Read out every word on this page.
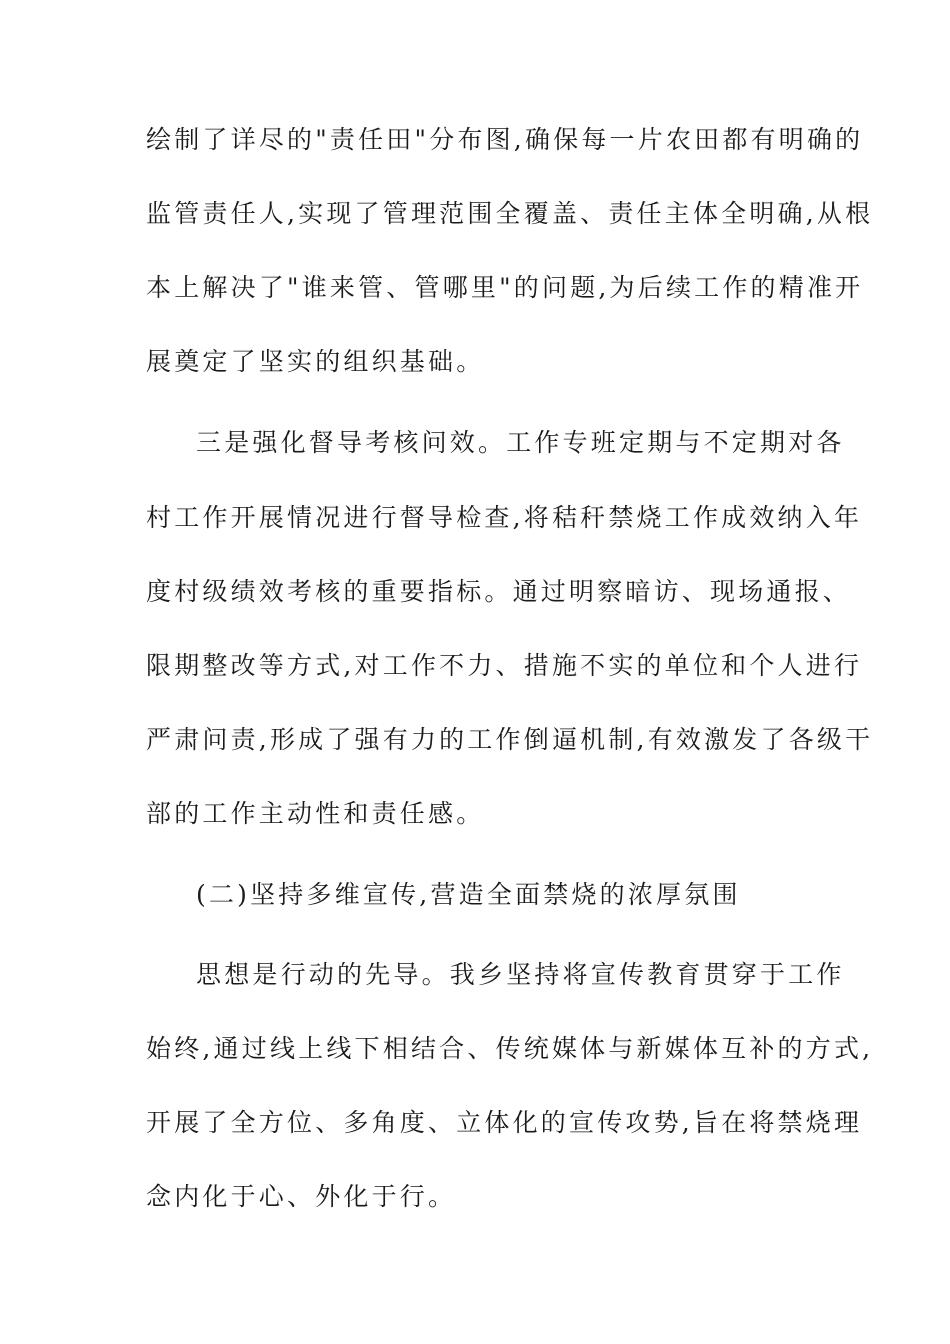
绘制了详尽的"责任田"分布图,确保每一片农田都有明确的
监管责任人,实现了管理范围全覆盖、责任主体全明确,从根
本上解决了"谁来管、管哪里"的问题,为后续工作的精准开
展奠定了坚实的组织基础。
三是强化督导考核问效。工作专班定期与不定期对各
村工作开展情况进行督导检查,将秸秆禁烧工作成效纳入年
度村级绩效考核的重要指标。通过明察暗访、现场通报、
限期整改等方式,对工作不力、措施不实的单位和个人进行
严肃问责,形成了强有力的工作倒逼机制,有效激发了各级干
部的工作主动性和责任感。
(二)坚持多维宣传,营造全面禁烧的浓厚氛围
思想是行动的先导。我乡坚持将宣传教育贯穿于工作
始终,通过线上线下相结合、传统媒体与新媒体互补的方式,
开展了全方位、多角度、立体化的宣传攻势,旨在将禁烧理
念内化于心、外化于行。
